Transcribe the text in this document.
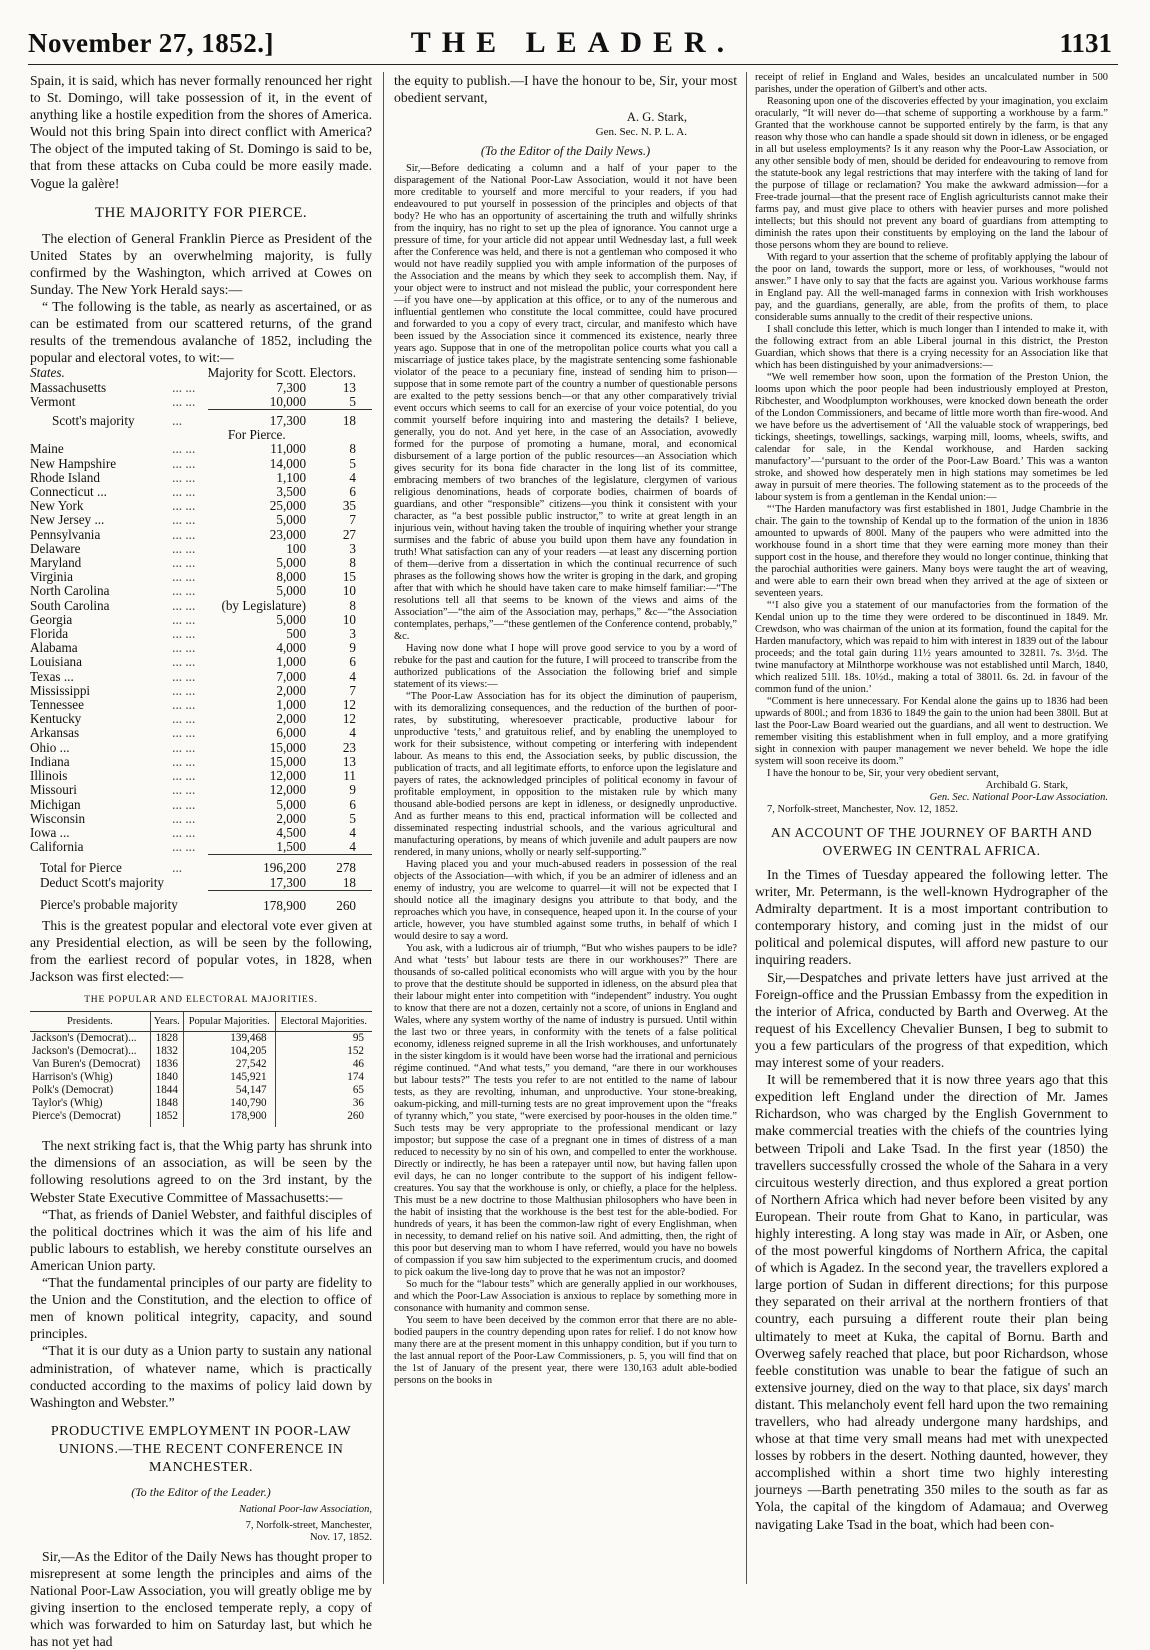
November 27, 1852.]	THE LEADER.	1131

Spain, it is said, which has never formally renounced her right to St. Domingo, will take possession of it, in the event of anything like a hostile expedition from the shores of America. Would not this bring Spain into direct conflict with America? The object of the imputed taking of St. Domingo is said to be, that from these attacks on Cuba could be more easily made. Vogue la galère!

THE MAJORITY FOR PIERCE.

The election of General Franklin Pierce as President of the United States by an overwhelming majority, is fully confirmed by the Washington, which arrived at Cowes on Sunday. The New York Herald says:—

“ The following is the table, as nearly as ascertained, or as can be estimated from our scattered returns, of the grand results of the tremendous avalanche of 1852, including the popular and electoral votes, to wit:—

States.		Majority for Scott.	Electors.
Massachusetts	... ...	7,300	13
Vermont	... ...	10,000	5
Scott's majority	...	17,300	18
		For Pierce.	
Maine	... ...	11,000	8
New Hampshire	... ...	14,000	5
Rhode Island	... ...	1,100	4
Connecticut ...	... ...	3,500	6
New York	... ...	25,000	35
New Jersey ...	... ...	5,000	7
Pennsylvania	... ...	23,000	27
Delaware	... ...	100	3
Maryland	... ...	5,000	8
Virginia	... ...	8,000	15
North Carolina	... ...	5,000	10
South Carolina	... ...	(by Legislature)	8
Georgia	... ...	5,000	10
Florida	... ...	500	3
Alabama	... ...	4,000	9
Louisiana	... ...	1,000	6
Texas ...	... ...	7,000	4
Mississippi	... ...	2,000	7
Tennessee	... ...	1,000	12
Kentucky	... ...	2,000	12
Arkansas	... ...	6,000	4
Ohio ...	... ...	15,000	23
Indiana	... ...	15,000	13
Illinois	... ...	12,000	11
Missouri	... ...	12,000	9
Michigan	... ...	5,000	6
Wisconsin	... ...	2,000	5
Iowa ...	... ...	4,500	4
California	... ...	1,500	4
Total for Pierce	...	196,200	278
Deduct Scott's majority		17,300	18
Pierce's probable majority		178,900	260

This is the greatest popular and electoral vote ever given at any Presidential election, as will be seen by the following, from the earliest record of popular votes, in 1828, when Jackson was first elected:—

THE POPULAR AND ELECTORAL MAJORITIES.
Presidents.	Years.	Popular Majorities.	Electoral Majorities.
Jackson's (Democrat)...	1828	139,468	95
Jackson's (Democrat)...	1832	104,205	152
Van Buren's (Democrat)	1836	27,542	46
Harrison's (Whig)	1840	145,921	174
Polk's (Democrat)	1844	54,147	65
Taylor's (Whig)	1848	140,790	36
Pierce's (Democrat)	1852	178,900	260

The next striking fact is, that the Whig party has shrunk into the dimensions of an association, as will be seen by the following resolutions agreed to on the 3rd instant, by the Webster State Executive Committee of Massachusetts:—

“That, as friends of Daniel Webster, and faithful disciples of the political doctrines which it was the aim of his life and public labours to establish, we hereby constitute ourselves an American Union party.

“That the fundamental principles of our party are fidelity to the Union and the Constitution, and the election to office of men of known political integrity, capacity, and sound principles.

“That it is our duty as a Union party to sustain any national administration, of whatever name, which is practically conducted according to the maxims of policy laid down by Washington and Webster.”

PRODUCTIVE EMPLOYMENT IN POOR-LAW UNIONS.—THE RECENT CONFERENCE IN MANCHESTER.
(To the Editor of the Leader.)
National Poor-law Association,
7, Norfolk-street, Manchester,
Nov. 17, 1852.

Sir,—As the Editor of the Daily News has thought proper to misrepresent at some length the principles and aims of the National Poor-Law Association, you will greatly oblige me by giving insertion to the enclosed temperate reply, a copy of which was forwarded to him on Saturday last, but which he has not yet had

the equity to publish.—I have the honour to be, Sir, your most obedient servant,

A. G. Stark,
Gen. Sec. N. P. L. A.
(To the Editor of the Daily News.)

Sir,—Before dedicating a column and a half of your paper to the disparagement of the National Poor-Law Association, would it not have been more creditable to yourself and more merciful to your readers, if you had endeavoured to put yourself in possession of the principles and objects of that body? He who has an opportunity of ascertaining the truth and wilfully shrinks from the inquiry, has no right to set up the plea of ignorance. You cannot urge a pressure of time, for your article did not appear until Wednesday last, a full week after the Conference was held, and there is not a gentleman who composed it who would not have readily supplied you with ample information of the purposes of the Association and the means by which they seek to accomplish them. Nay, if your object were to instruct and not mislead the public, your correspondent here—if you have one—by application at this office, or to any of the numerous and influential gentlemen who constitute the local committee, could have procured and forwarded to you a copy of every tract, circular, and manifesto which have been issued by the Association since it commenced its existence, nearly three years ago. Suppose that in one of the metropolitan police courts what you call a miscarriage of justice takes place, by the magistrate sentencing some fashionable violator of the peace to a pecuniary fine, instead of sending him to prison—suppose that in some remote part of the country a number of questionable persons are exalted to the petty sessions bench—or that any other comparatively trivial event occurs which seems to call for an exercise of your voice potential, do you commit yourself before inquiring into and mastering the details? I believe, generally, you do not. And yet here, in the case of an Association, avowedly formed for the purpose of promoting a humane, moral, and economical disbursement of a large portion of the public resources—an Association which gives security for its bona fide character in the long list of its committee, embracing members of two branches of the legislature, clergymen of various religious denominations, heads of corporate bodies, chairmen of boards of guardians, and other “responsible” citizens—you think it consistent with your character, as “a best possible public instructor,” to write at great length in an injurious vein, without having taken the trouble of inquiring whether your strange surmises and the fabric of abuse you build upon them have any foundation in truth! What satisfaction can any of your readers —at least any discerning portion of them—derive from a dissertation in which the continual recurrence of such phrases as the following shows how the writer is groping in the dark, and groping after that with which he should have taken care to make himself familiar:—“The resolutions tell all that seems to be known of the views and aims of the Association”—“the aim of the Association may, perhaps,” &c—“the Association contemplates, perhaps,”—“these gentlemen of the Conference contend, probably,” &c.

Having now done what I hope will prove good service to you by a word of rebuke for the past and caution for the future, I will proceed to transcribe from the authorized publications of the Association the following brief and simple statement of its views:—

“The Poor-Law Association has for its object the diminution of pauperism, with its demoralizing consequences, and the reduction of the burthen of poor-rates, by substituting, wheresoever practicable, productive labour for unproductive ‘tests,’ and gratuitous relief, and by enabling the unemployed to work for their subsistence, without competing or interfering with independent labour. As means to this end, the Association seeks, by public discussion, the publication of tracts, and all legitimate efforts, to enforce upon the legislature and payers of rates, the acknowledged principles of political economy in favour of profitable employment, in opposition to the mistaken rule by which many thousand able-bodied persons are kept in idleness, or designedly unproductive. And as further means to this end, practical information will be collected and disseminated respecting industrial schools, and the various agricultural and manufacturing operations, by means of which juvenile and adult paupers are now rendered, in many unions, wholly or nearly self-supporting.”

Having placed you and your much-abused readers in possession of the real objects of the Association—with which, if you be an admirer of idleness and an enemy of industry, you are welcome to quarrel—it will not be expected that I should notice all the imaginary designs you attribute to that body, and the reproaches which you have, in consequence, heaped upon it. In the course of your article, however, you have stumbled against some truths, in behalf of which I would desire to say a word.

You ask, with a ludicrous air of triumph, “But who wishes paupers to be idle? And what ‘tests’ but labour tests are there in our workhouses?” There are thousands of so-called political economists who will argue with you by the hour to prove that the destitute should be supported in idleness, on the absurd plea that their labour might enter into competition with “independent” industry. You ought to know that there are not a dozen, certainly not a score, of unions in England and Wales, where any system worthy of the name of industry is pursued. Until within the last two or three years, in conformity with the tenets of a false political economy, idleness reigned supreme in all the Irish workhouses, and unfortunately in the sister kingdom is it would have been worse had the irrational and pernicious régime continued. “And what tests,” you demand, “are there in our workhouses but labour tests?” The tests you refer to are not entitled to the name of labour tests, as they are revolting, inhuman, and unproductive. Your stone-breaking, oakum-picking, and mill-turning tests are no great improvement upon the “freaks of tyranny which,” you state, “were exercised by poor-houses in the olden time.” Such tests may be very appropriate to the professional mendicant or lazy impostor; but suppose the case of a pregnant one in times of distress of a man reduced to necessity by no sin of his own, and compelled to enter the workhouse. Directly or indirectly, he has been a ratepayer until now, but having fallen upon evil days, he can no longer contribute to the support of his indigent fellow-creatures. You say that the workhouse is only, or chiefly, a place for the helpless. This must be a new doctrine to those Malthusian philosophers who have been in the habit of insisting that the workhouse is the best test for the able-bodied. For hundreds of years, it has been the common-law right of every Englishman, when in necessity, to demand relief on his native soil. And admitting, then, the right of this poor but deserving man to whom I have referred, would you have no bowels of compassion if you saw him subjected to the experimentum crucis, and doomed to pick oakum the live-long day to prove that he was not an impostor?

So much for the “labour tests” which are generally applied in our workhouses, and which the Poor-Law Association is anxious to replace by something more in consonance with humanity and common sense.

You seem to have been deceived by the common error that there are no able-bodied paupers in the country depending upon rates for relief. I do not know how many there are at the present moment in this unhappy condition, but if you turn to the last annual report of the Poor-Law Commissioners, p. 5, you will find that on the 1st of January of the present year, there were 130,163 adult able-bodied persons on the books in

receipt of relief in England and Wales, besides an uncalculated number in 500 parishes, under the operation of Gilbert's and other acts.

Reasoning upon one of the discoveries effected by your imagination, you exclaim oracularly, “It will never do—that scheme of supporting a workhouse by a farm.” Granted that the workhouse cannot be supported entirely by the farm, is that any reason why those who can handle a spade should sit down in idleness, or be engaged in all but useless employments? Is it any reason why the Poor-Law Association, or any other sensible body of men, should be derided for endeavouring to remove from the statute-book any legal restrictions that may interfere with the taking of land for the purpose of tillage or reclamation? You make the awkward admission—for a Free-trade journal—that the present race of English agriculturists cannot make their farms pay, and must give place to others with heavier purses and more polished intellects; but this should not prevent any board of guardians from attempting to diminish the rates upon their constituents by employing on the land the labour of those persons whom they are bound to relieve.

With regard to your assertion that the scheme of profitably applying the labour of the poor on land, towards the support, more or less, of workhouses, “would not answer.” I have only to say that the facts are against you. Various workhouse farms in England pay. All the well-managed farms in connexion with Irish workhouses pay, and the guardians, generally, are able, from the profits of them, to place considerable sums annually to the credit of their respective unions.

I shall conclude this letter, which is much longer than I intended to make it, with the following extract from an able Liberal journal in this district, the Preston Guardian, which shows that there is a crying necessity for an Association like that which has been distinguished by your animadversions:—

“We well remember how soon, upon the formation of the Preston Union, the looms upon which the poor people had been industriously employed at Preston, Ribchester, and Woodplumpton workhouses, were knocked down beneath the order of the London Commissioners, and became of little more worth than fire-wood. And we have before us the advertisement of ‘All the valuable stock of wrapperings, bed tickings, sheetings, towellings, sackings, warping mill, looms, wheels, swifts, and calendar for sale, in the Kendal workhouse, and Harden sacking manufactory’—‘pursuant to the order of the Poor-Law Board.’ This was a wanton stroke, and showed how desperately men in high stations may sometimes be led away in pursuit of mere theories. The following statement as to the proceeds of the labour system is from a gentleman in the Kendal union:—

“‘The Harden manufactory was first established in 1801, Judge Chambrie in the chair. The gain to the township of Kendal up to the formation of the union in 1836 amounted to upwards of 800l. Many of the paupers who were admitted into the workhouse found in a short time that they were earning more money than their support cost in the house, and therefore they would no longer continue, thinking that the parochial authorities were gainers. Many boys were taught the art of weaving, and were able to earn their own bread when they arrived at the age of sixteen or seventeen years.

“‘I also give you a statement of our manufactories from the formation of the Kendal union up to the time they were ordered to be discontinued in 1849. Mr. Crewdson, who was chairman of the union at its formation, found the capital for the Harden manufactory, which was repaid to him with interest in 1839 out of the labour proceeds; and the total gain during 11½ years amounted to 3281l. 7s. 3½d. The twine manufactory at Milnthorpe workhouse was not established until March, 1840, which realized 51ll. 18s. 10½d., making a total of 3801l. 6s. 2d. in favour of the common fund of the union.’

“Comment is here unnecessary. For Kendal alone the gains up to 1836 had been upwards of 800l.; and from 1836 to 1849 the gain to the union had been 380ll. But at last the Poor-Law Board wearied out the guardians, and all went to destruction. We remember visiting this establishment when in full employ, and a more gratifying sight in connexion with pauper management we never beheld. We hope the idle system will soon receive its doom.”

I have the honour to be, Sir, your very obedient servant,

Archibald G. Stark,
Gen. Sec. National Poor-Law Association.
7, Norfolk-street, Manchester, Nov. 12, 1852.
AN ACCOUNT OF THE JOURNEY OF BARTH AND OVERWEG IN CENTRAL AFRICA.

In the Times of Tuesday appeared the following letter. The writer, Mr. Petermann, is the well-known Hydrographer of the Admiralty department. It is a most important contribution to contemporary history, and coming just in the midst of our political and polemical disputes, will afford new pasture to our inquiring readers.

Sir,—Despatches and private letters have just arrived at the Foreign-office and the Prussian Embassy from the expedition in the interior of Africa, conducted by Barth and Overweg. At the request of his Excellency Chevalier Bunsen, I beg to submit to you a few particulars of the progress of that expedition, which may interest some of your readers.

It will be remembered that it is now three years ago that this expedition left England under the direction of Mr. James Richardson, who was charged by the English Government to make commercial treaties with the chiefs of the countries lying between Tripoli and Lake Tsad. In the first year (1850) the travellers successfully crossed the whole of the Sahara in a very circuitous westerly direction, and thus explored a great portion of Northern Africa which had never before been visited by any European. Their route from Ghat to Kano, in particular, was highly interesting. A long stay was made in Aïr, or Asben, one of the most powerful kingdoms of Northern Africa, the capital of which is Agadez. In the second year, the travellers explored a large portion of Sudan in different directions; for this purpose they separated on their arrival at the northern frontiers of that country, each pursuing a different route their plan being ultimately to meet at Kuka, the capital of Bornu. Barth and Overweg safely reached that place, but poor Richardson, whose feeble constitution was unable to bear the fatigue of such an extensive journey, died on the way to that place, six days' march distant. This melancholy event fell hard upon the two remaining travellers, who had already undergone many hardships, and whose at that time very small means had met with unexpected losses by robbers in the desert. Nothing daunted, however, they accomplished within a short time two highly interesting journeys —Barth penetrating 350 miles to the south as far as Yola, the capital of the kingdom of Adamaua; and Overweg navigating Lake Tsad in the boat, which had been con-
